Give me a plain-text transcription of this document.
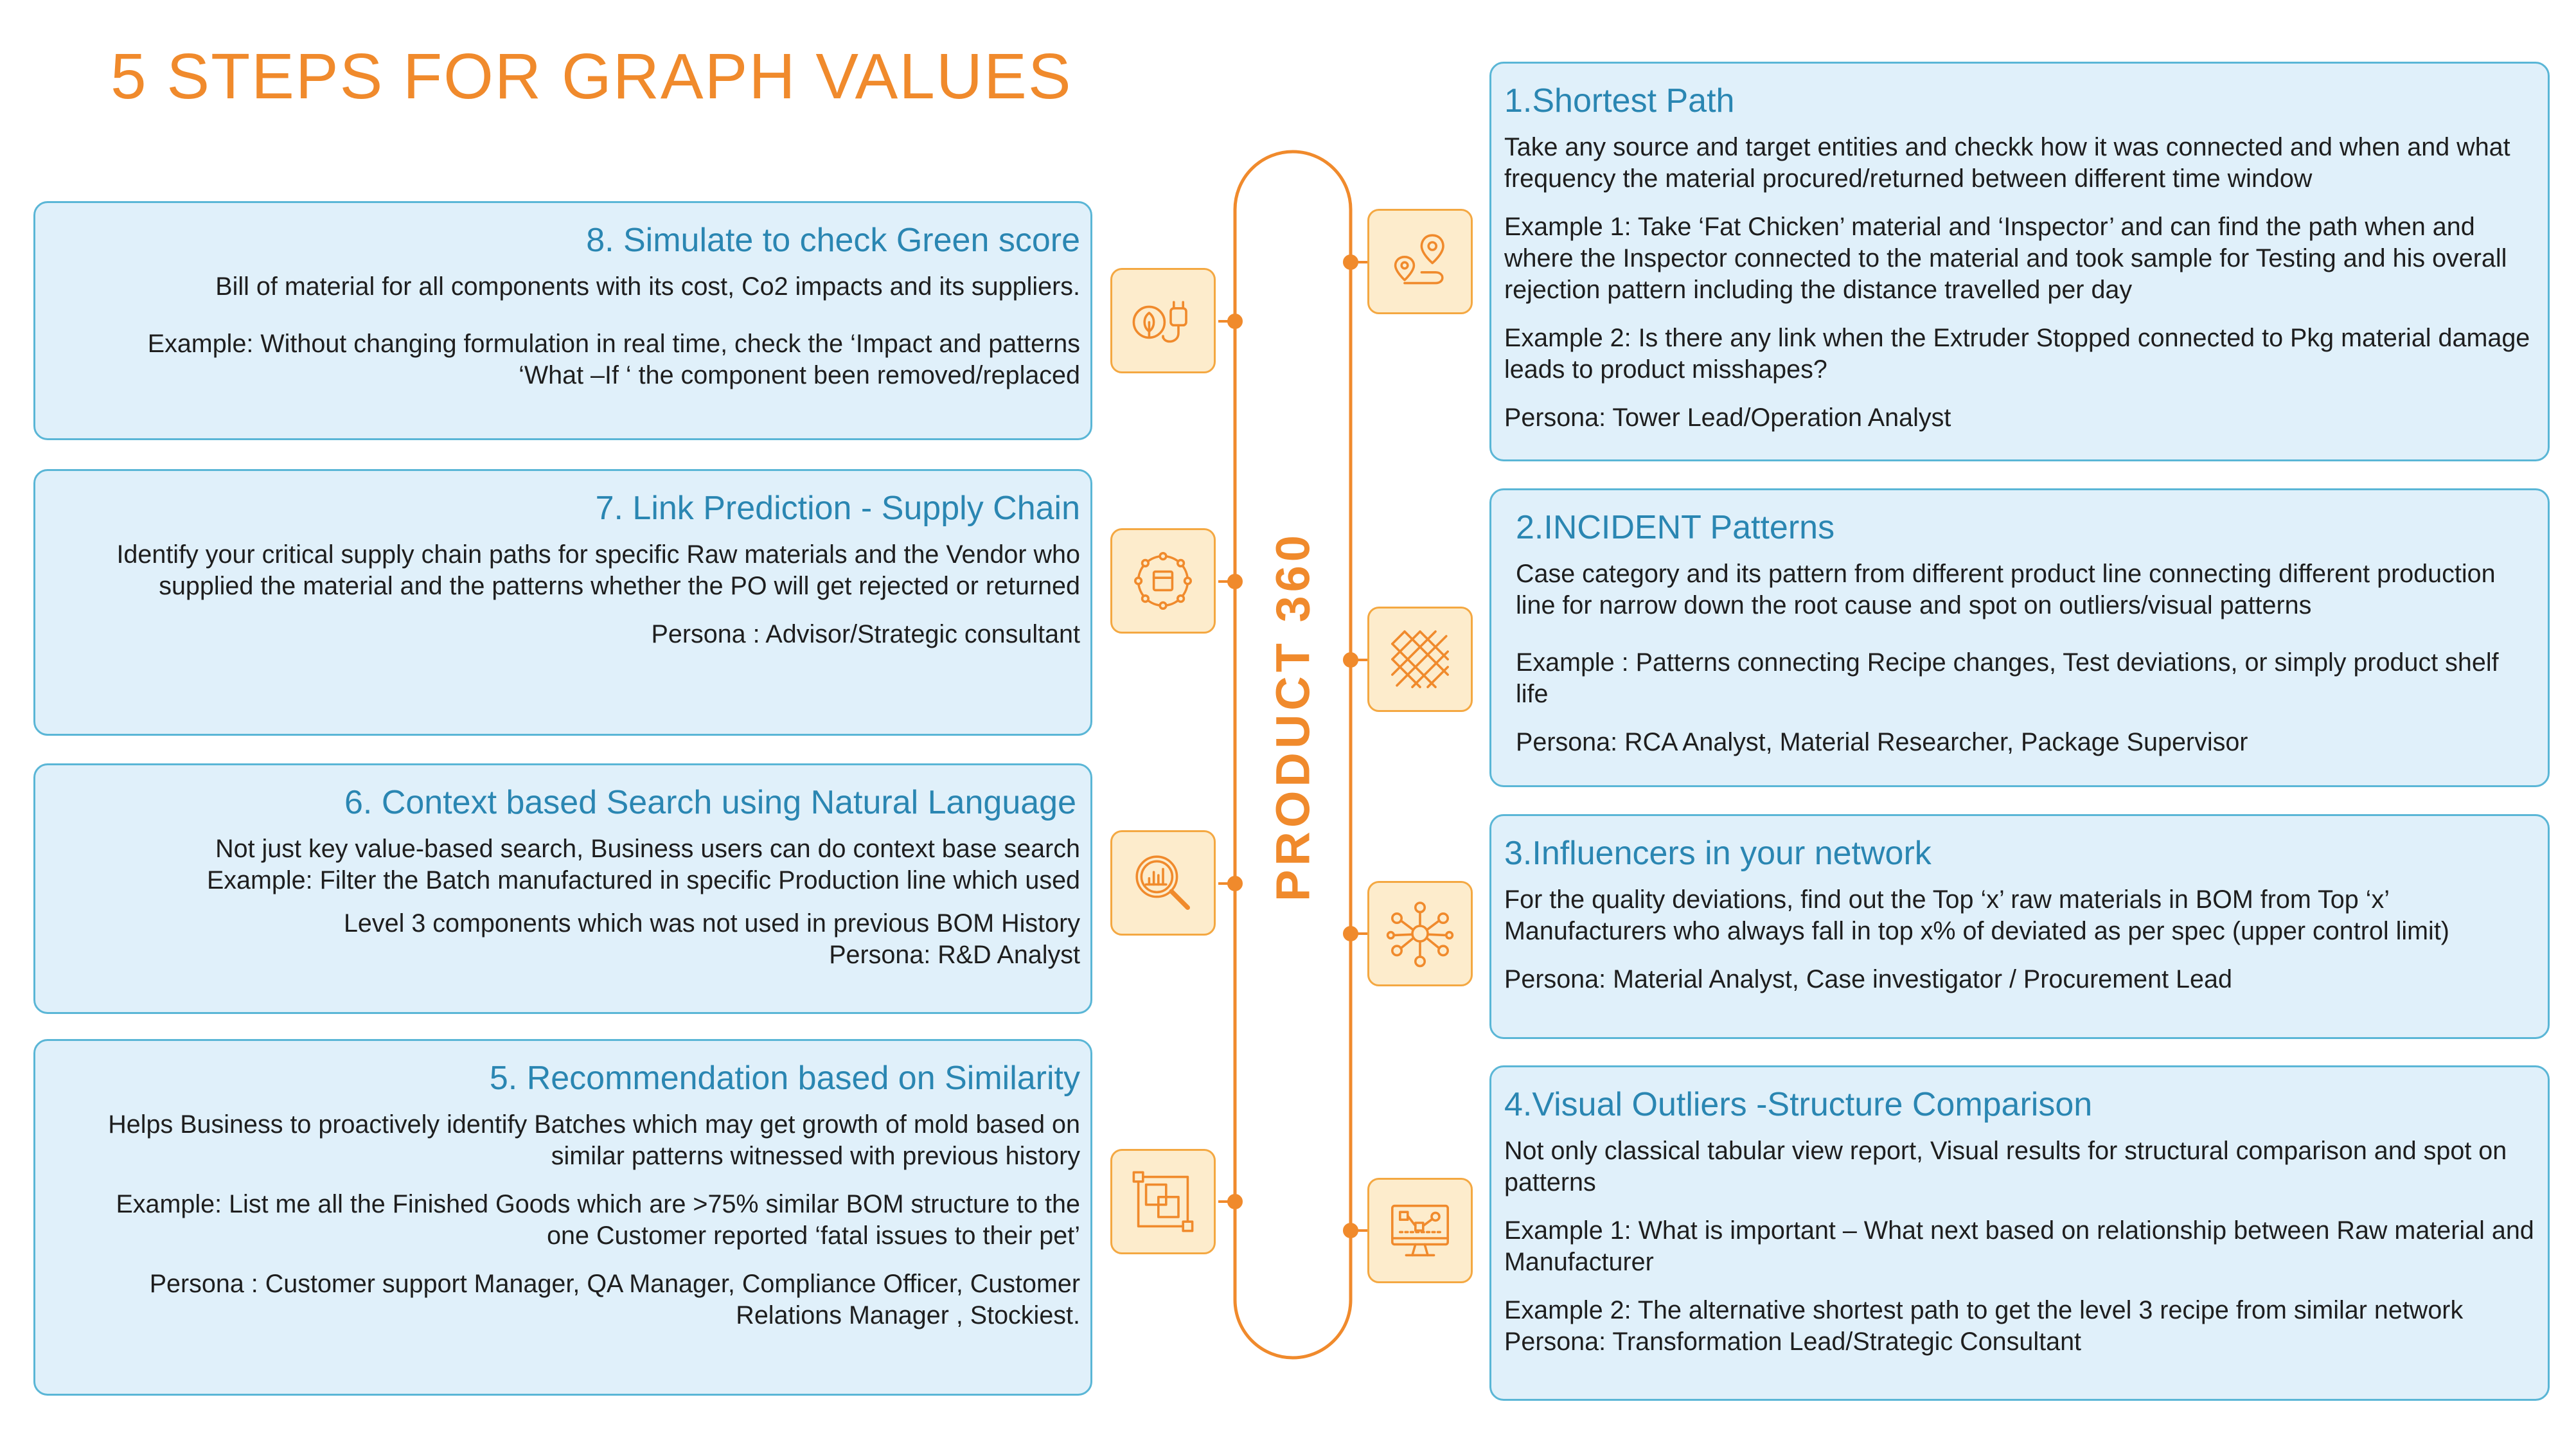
5 STEPS FOR GRAPH VALUES
PRODUCT 360
8. Simulate to check Green score

Bill of material for all components with its cost, Co2 impacts and its suppliers.

Example: Without changing formulation in real time, check the ‘Impact and patterns ‘What –If ‘ the component been removed/replaced

7. Link Prediction - Supply Chain

Identify your critical supply chain paths for specific Raw materials and the Vendor who supplied the material and the patterns whether the PO will get rejected or returned

Persona : Advisor/Strategic consultant

6. Context based Search using Natural Language

Not just key value-based search, Business users can do context base search Example: Filter the Batch manufactured in specific Production line which used

Level 3 components which was not used in previous BOM History Persona: R&D Analyst

5. Recommendation based on Similarity

Helps Business to proactively identify Batches which may get growth of mold based on similar patterns witnessed with previous history

Example: List me all the Finished Goods which are >75% similar BOM structure to the one Customer reported ‘fatal issues to their pet’

Persona : Customer support Manager, QA Manager, Compliance Officer, Customer Relations Manager , Stockiest.

1.Shortest Path

Take any source and target entities and checkk how it was connected and when and what frequency the material procured/returned between different time window

Example 1: Take ‘Fat Chicken’ material and ‘Inspector’ and can find the path when and where the Inspector connected to the material and took sample for Testing and his overall rejection pattern including the distance travelled per day

Example 2: Is there any link when the Extruder Stopped connected to Pkg material damage leads to product misshapes?

Persona: Tower Lead/Operation Analyst

2.INCIDENT Patterns

Case category and its pattern from different product line connecting different production line for narrow down the root cause and spot on outliers/visual patterns

Example : Patterns connecting Recipe changes, Test deviations, or simply product shelf life

Persona: RCA Analyst, Material Researcher, Package Supervisor

3.Influencers in your network

For the quality deviations, find out the Top ‘x’ raw materials in BOM from Top ‘x’ Manufacturers who always fall in top x% of deviated as per spec (upper control limit)

Persona: Material Analyst, Case investigator / Procurement Lead

4.Visual Outliers -Structure Comparison

Not only classical tabular view report, Visual results for structural comparison and spot on patterns

Example 1: What is important – What next based on relationship between Raw material and Manufacturer

Example 2: The alternative shortest path to get the level 3 recipe from similar network

Persona: Transformation Lead/Strategic Consultant
